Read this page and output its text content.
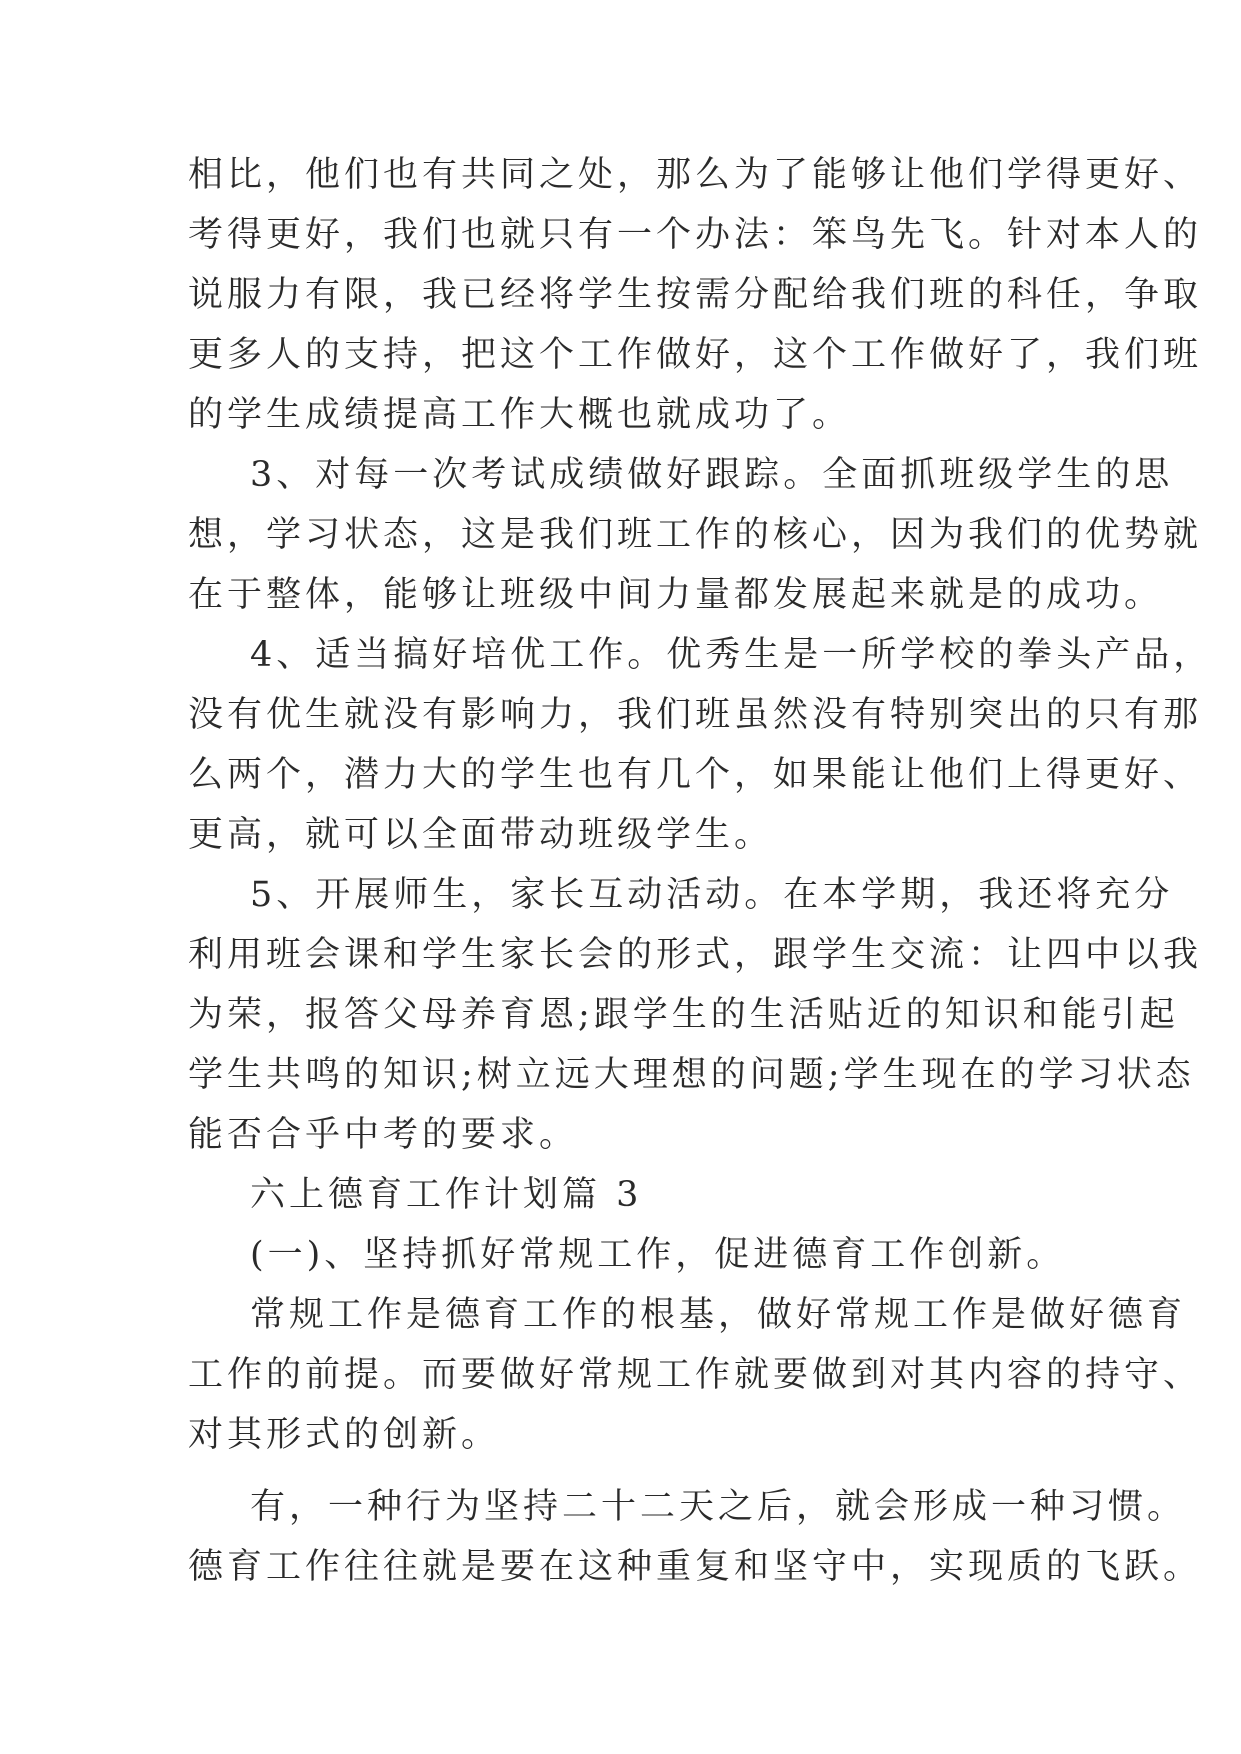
相比，他们也有共同之处，那么为了能够让他们学得更好、
考得更好，我们也就只有一个办法：笨鸟先飞。针对本人的
说服力有限，我已经将学生按需分配给我们班的科任，争取
更多人的支持，把这个工作做好，这个工作做好了，我们班
的学生成绩提高工作大概也就成功了。
3、对每一次考试成绩做好跟踪。全面抓班级学生的思
想，学习状态，这是我们班工作的核心，因为我们的优势就
在于整体，能够让班级中间力量都发展起来就是的成功。
4、适当搞好培优工作。优秀生是一所学校的拳头产品，
没有优生就没有影响力，我们班虽然没有特别突出的只有那
么两个，潜力大的学生也有几个，如果能让他们上得更好、
更高，就可以全面带动班级学生。
5、开展师生，家长互动活动。在本学期，我还将充分
利用班会课和学生家长会的形式，跟学生交流：让四中以我
为荣，报答父母养育恩;跟学生的生活贴近的知识和能引起
学生共鸣的知识;树立远大理想的问题;学生现在的学习状态
能否合乎中考的要求。
六上德育工作计划篇 3
(一)、坚持抓好常规工作，促进德育工作创新。
常规工作是德育工作的根基，做好常规工作是做好德育
工作的前提。而要做好常规工作就要做到对其内容的持守、
对其形式的创新。
有，一种行为坚持二十二天之后，就会形成一种习惯。
德育工作往往就是要在这种重复和坚守中，实现质的飞跃。
